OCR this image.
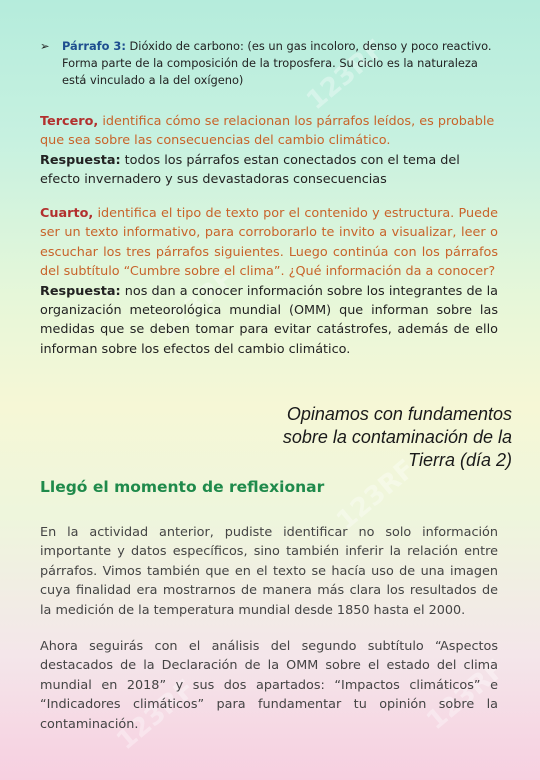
123RF
123RF
123RF
123RF	123RF
➢ Párrafo 3: Dióxido de carbono: (es un gas incoloro, denso y poco reactivo. Forma parte de la composición de la troposfera. Su ciclo es la naturaleza está vinculado a la del oxígeno)

Tercero, identifica cómo se relacionan los párrafos leídos, es probable que sea sobre las consecuencias del cambio climático.

Respuesta: todos los párrafos estan conectados con el tema del efecto invernadero y sus devastadoras consecuencias

Cuarto, identifica el tipo de texto por el contenido y estructura. Puede ser un texto informativo, para corroborarlo te invito a visualizar, leer o escuchar los tres párrafos siguientes. Luego continúa con los párrafos del subtítulo “Cumbre sobre el clima”. ¿Qué información da a conocer?

Respuesta: nos dan a conocer información sobre los integrantes de la organización meteorológica mundial (OMM) que informan sobre las medidas que se deben tomar para evitar catástrofes, además de ello informan sobre los efectos del cambio climático.

Opinamos con fundamentos
sobre la contaminación de la
Tierra (día 2)
Llegó el momento de reflexionar

En la actividad anterior, pudiste identificar no solo información importante y datos específicos, sino también inferir la relación entre párrafos. Vimos también que en el texto se hacía uso de una imagen cuya finalidad era mostrarnos de manera más clara los resultados de la medición de la temperatura mundial desde 1850 hasta el 2000.

Ahora seguirás con el análisis del segundo subtítulo “Aspectos destacados de la Declaración de la OMM sobre el estado del clima mundial en 2018” y sus dos apartados: “Impactos climáticos” e “Indicadores climáticos” para fundamentar tu opinión sobre la contaminación.
